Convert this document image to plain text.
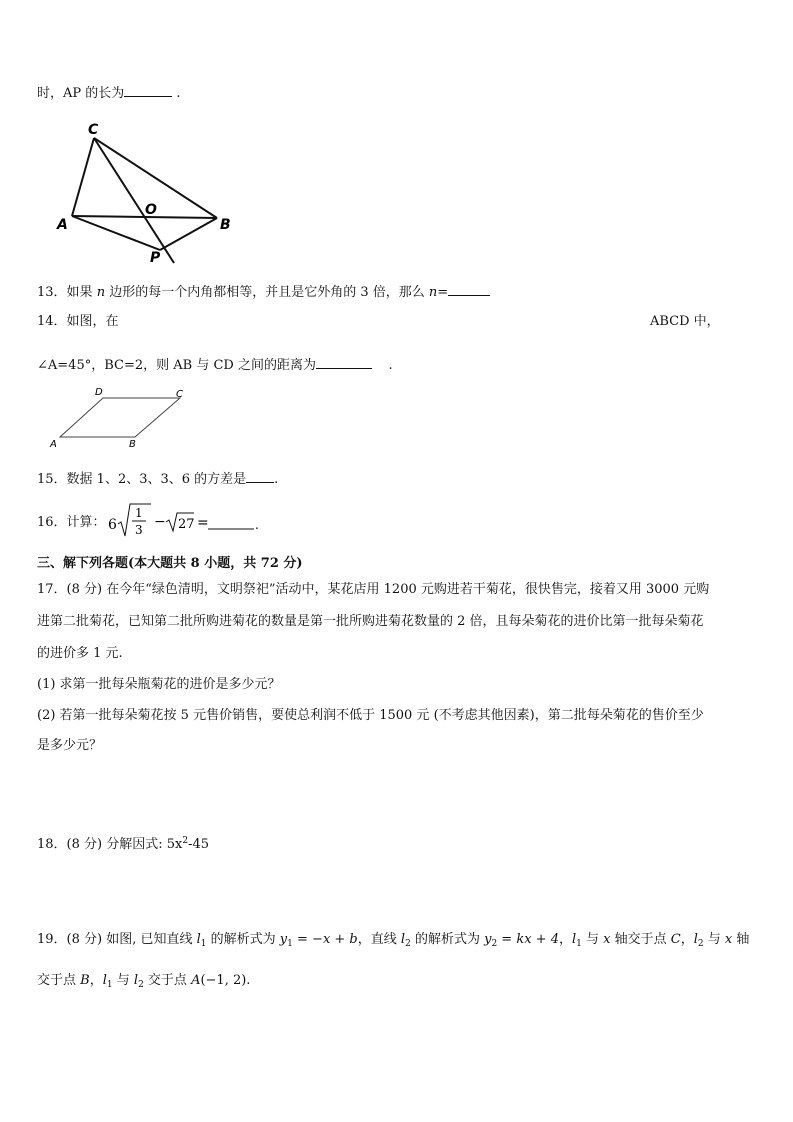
时，AP 的长为	.
C
A
O
B
P
13．如果 n 边形的每一个内角都相等，并且是它外角的 3 倍，那么 n=
14．如图，在	ABCD 中，
∠A=45°，BC=2，则 AB 与 CD 之间的距离为	.
D	C
A	B
15．数据 1、2、3、3、6 的方差是 .
16．计算： 6
1
3 − 27 =	.
三、解下列各题(本大题共 8 小题，共 72 分)
17．(8 分) 在今年“绿色清明，文明祭祀”活动中，某花店用 1200 元购进若干菊花，很快售完，接着又用 3000 元购
进第二批菊花，已知第二批所购进菊花的数量是第一批所购进菊花数量的 2 倍，且每朵菊花的进价比第一批每朵菊花
的进价多 1 元.
(1) 求第一批每朵瓶菊花的进价是多少元？
(2) 若第一批每朵菊花按 5 元售价销售，要使总利润不低于 1500 元 (不考虑其他因素)，第二批每朵菊花的售价至少
是多少元？
18．(8 分) 分解因式: $5x^2-45$
19．(8 分) 如图, 已知直线 $l_1$ 的解析式为 $y_1 = -x + b$，直线 $l_2$ 的解析式为 $y_2$ = kx + 4，$l_1$ 与 x 轴交于点 C，$l_2$ 与 x 轴
交于点 B，$l_1$ 与 $l_2$ 交于点 A(−1, 2).
